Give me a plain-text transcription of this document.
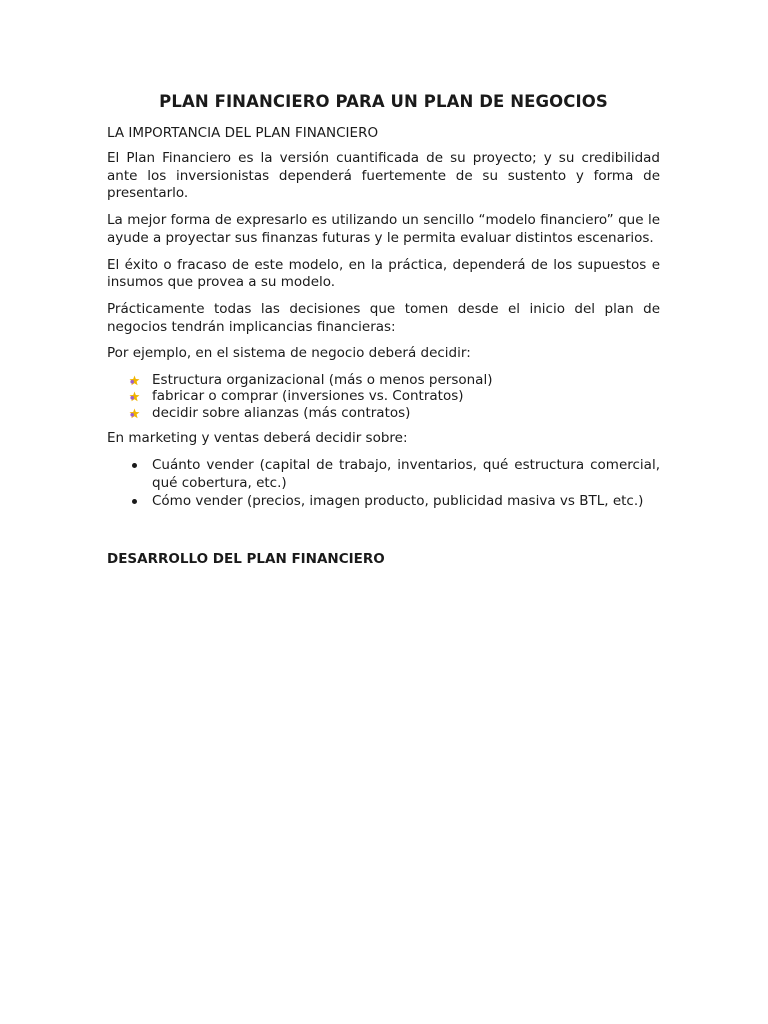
PLAN FINANCIERO PARA UN PLAN DE NEGOCIOS
LA IMPORTANCIA DEL PLAN FINANCIERO

El Plan Financiero es la versión cuantificada de su proyecto; y su credibilidad ante los inversionistas dependerá fuertemente de su sustento y forma de presentarlo.

La mejor forma de expresarlo es utilizando un sencillo “modelo financiero” que le ayude a proyectar sus finanzas futuras y le permita evaluar distintos escenarios.

El éxito o fracaso de este modelo, en la práctica, dependerá de los supuestos e insumos que provea a su modelo.

Prácticamente todas las decisiones que tomen desde el inicio del plan de negocios tendrán implicancias financieras:

Por ejemplo, en el sistema de negocio deberá decidir:

Estructura organizacional (más o menos personal)
fabricar o comprar (inversiones vs. Contratos)
decidir sobre alianzas (más contratos)

En marketing y ventas deberá decidir sobre:

Cuánto vender (capital de trabajo, inventarios, qué estructura comercial, qué cobertura, etc.)
Cómo vender (precios, imagen producto, publicidad masiva vs BTL, etc.)
DESARROLLO DEL PLAN FINANCIERO
